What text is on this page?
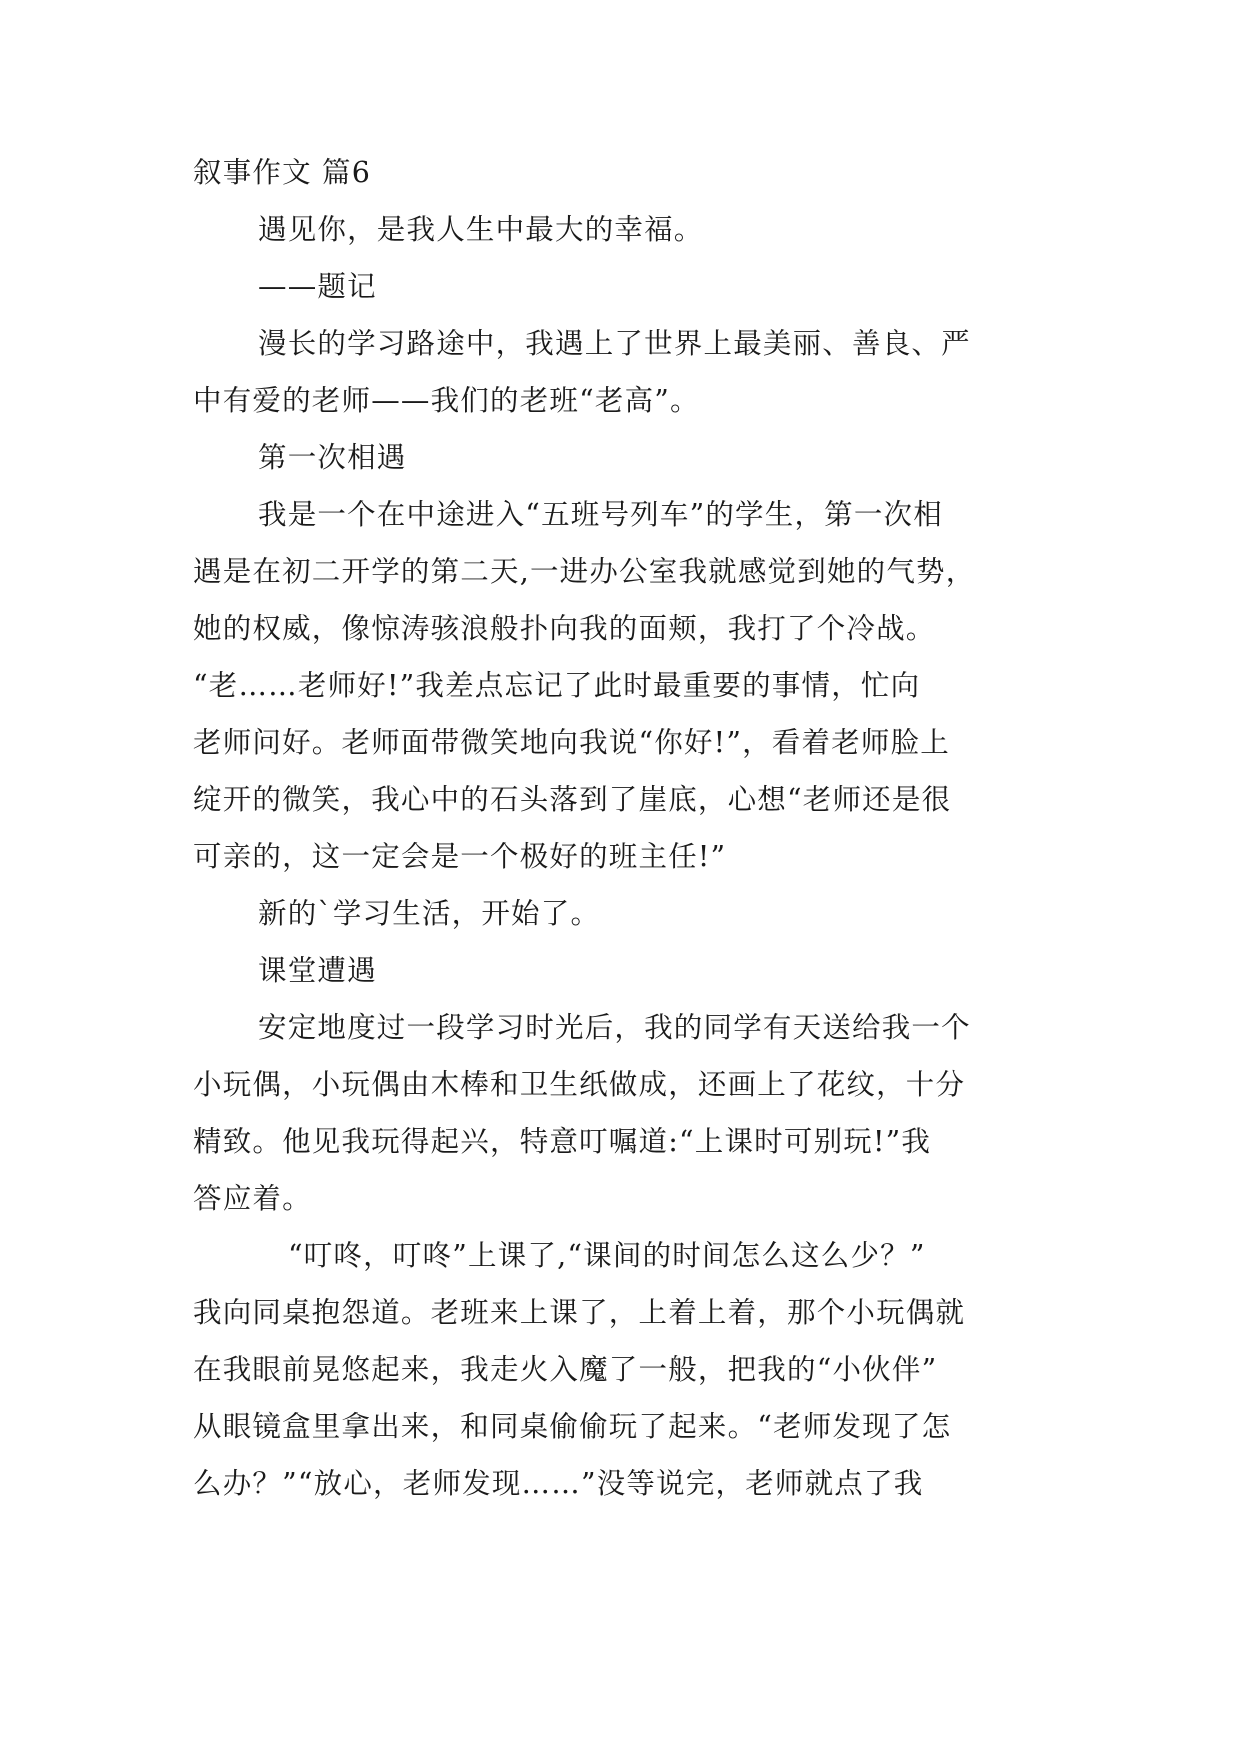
叙事作文 篇6
遇见你，是我人生中最大的幸福。
——题记
漫长的学习路途中，我遇上了世界上最美丽、善良、严
中有爱的老师——我们的老班“老高”。
第一次相遇
我是一个在中途进入“五班号列车”的学生，第一次相
遇是在初二开学的第二天,一进办公室我就感觉到她的气势，
她的权威，像惊涛骇浪般扑向我的面颊，我打了个冷战。
“老……老师好!”我差点忘记了此时最重要的事情，忙向
老师问好。老师面带微笑地向我说“你好!”，看着老师脸上
绽开的微笑，我心中的石头落到了崖底，心想“老师还是很
可亲的，这一定会是一个极好的班主任!”
新的`学习生活，开始了。
课堂遭遇
安定地度过一段学习时光后，我的同学有天送给我一个
小玩偶，小玩偶由木棒和卫生纸做成，还画上了花纹，十分
精致。他见我玩得起兴，特意叮嘱道:“上课时可别玩!”我
答应着。
“叮咚，叮咚”上课了,“课间的时间怎么这么少？”
我向同桌抱怨道。老班来上课了，上着上着，那个小玩偶就
在我眼前晃悠起来，我走火入魔了一般，把我的“小伙伴”
从眼镜盒里拿出来，和同桌偷偷玩了起来。“老师发现了怎
么办？”“放心，老师发现……”没等说完，老师就点了我
